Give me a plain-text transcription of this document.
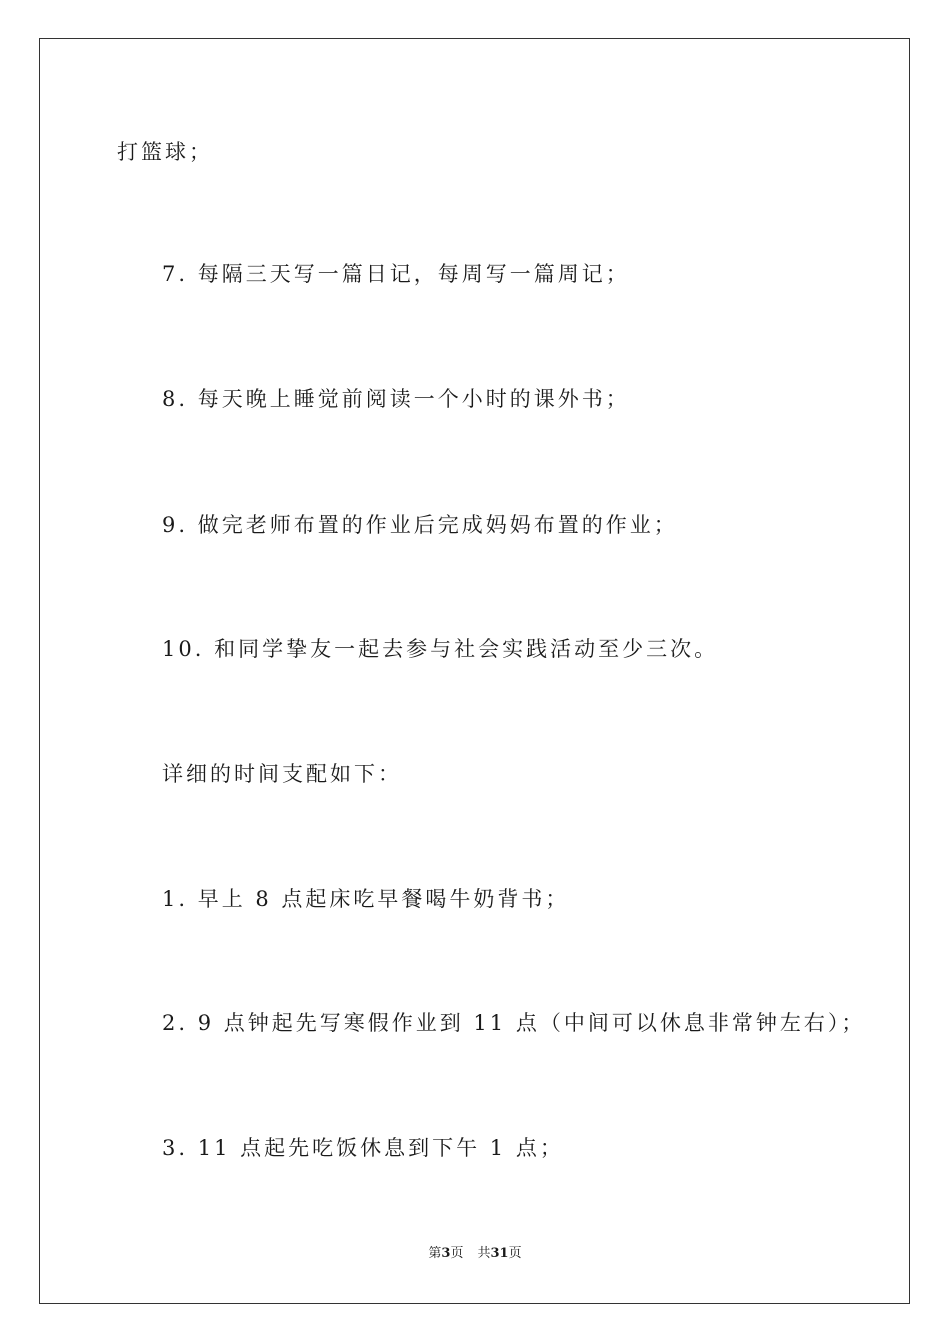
打篮球；
7. 每隔三天写一篇日记，每周写一篇周记；
8. 每天晚上睡觉前阅读一个小时的课外书；
9. 做完老师布置的作业后完成妈妈布置的作业；
10. 和同学挚友一起去参与社会实践活动至少三次。
详细的时间支配如下：
1. 早上 8 点起床吃早餐喝牛奶背书；
2. 9 点钟起先写寒假作业到 11 点（中间可以休息非常钟左右）；
3. 11 点起先吃饭休息到下午 1 点；
第3页 共31页
